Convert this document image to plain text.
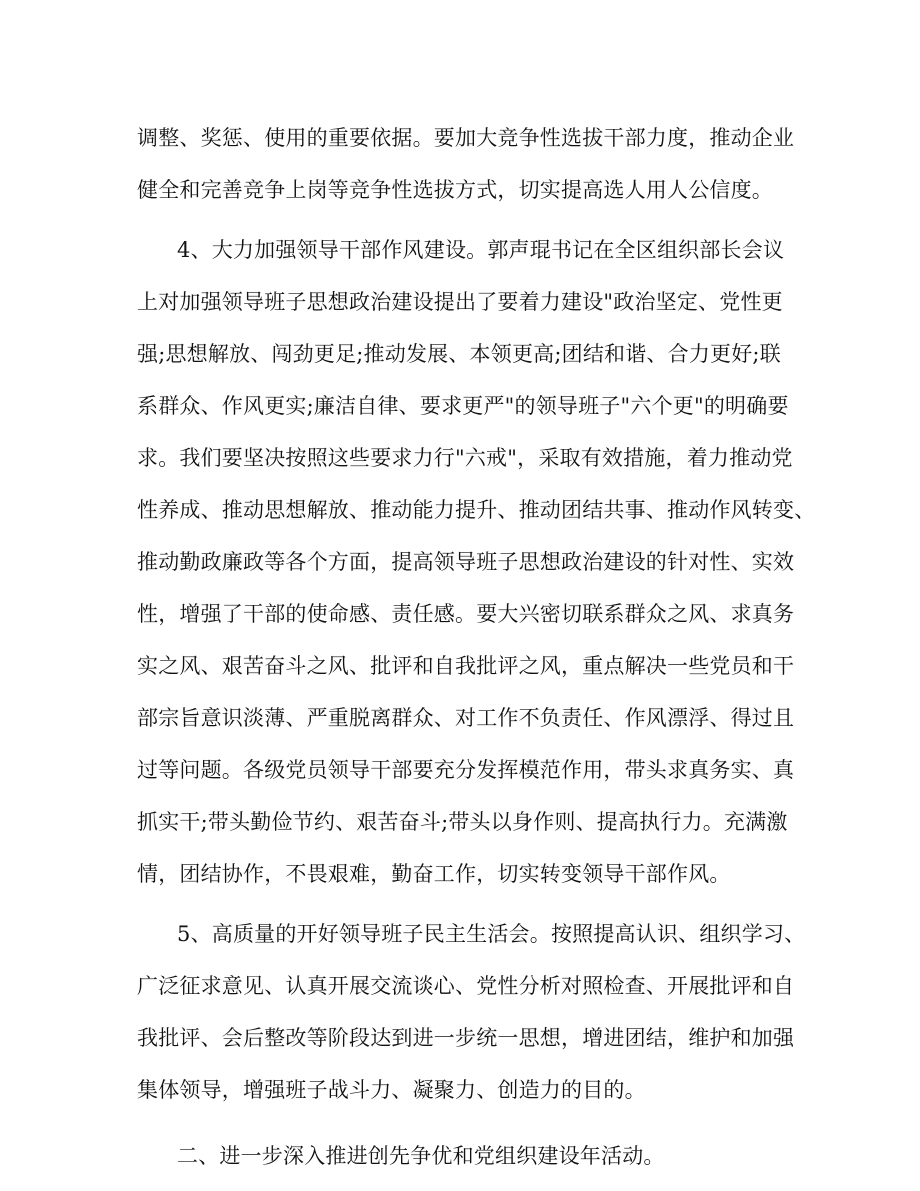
调整、奖惩、使用的重要依据。要加大竞争性选拔干部力度，推动企业
健全和完善竞争上岗等竞争性选拔方式，切实提高选人用人公信度。
4、大力加强领导干部作风建设。郭声琨书记在全区组织部长会议
上对加强领导班子思想政治建设提出了要着力建设"政治坚定、党性更
强;思想解放、闯劲更足;推动发展、本领更高;团结和谐、合力更好;联
系群众、作风更实;廉洁自律、要求更严"的领导班子"六个更"的明确要
求。我们要坚决按照这些要求力行"六戒"，采取有效措施，着力推动党
性养成、推动思想解放、推动能力提升、推动团结共事、推动作风转变、
推动勤政廉政等各个方面，提高领导班子思想政治建设的针对性、实效
性，增强了干部的使命感、责任感。要大兴密切联系群众之风、求真务
实之风、艰苦奋斗之风、批评和自我批评之风，重点解决一些党员和干
部宗旨意识淡薄、严重脱离群众、对工作不负责任、作风漂浮、得过且
过等问题。各级党员领导干部要充分发挥模范作用，带头求真务实、真
抓实干;带头勤俭节约、艰苦奋斗;带头以身作则、提高执行力。充满激
情，团结协作，不畏艰难，勤奋工作，切实转变领导干部作风。
5、高质量的开好领导班子民主生活会。按照提高认识、组织学习、
广泛征求意见、认真开展交流谈心、党性分析对照检查、开展批评和自
我批评、会后整改等阶段达到进一步统一思想，增进团结，维护和加强
集体领导，增强班子战斗力、凝聚力、创造力的目的。
二、进一步深入推进创先争优和党组织建设年活动。
